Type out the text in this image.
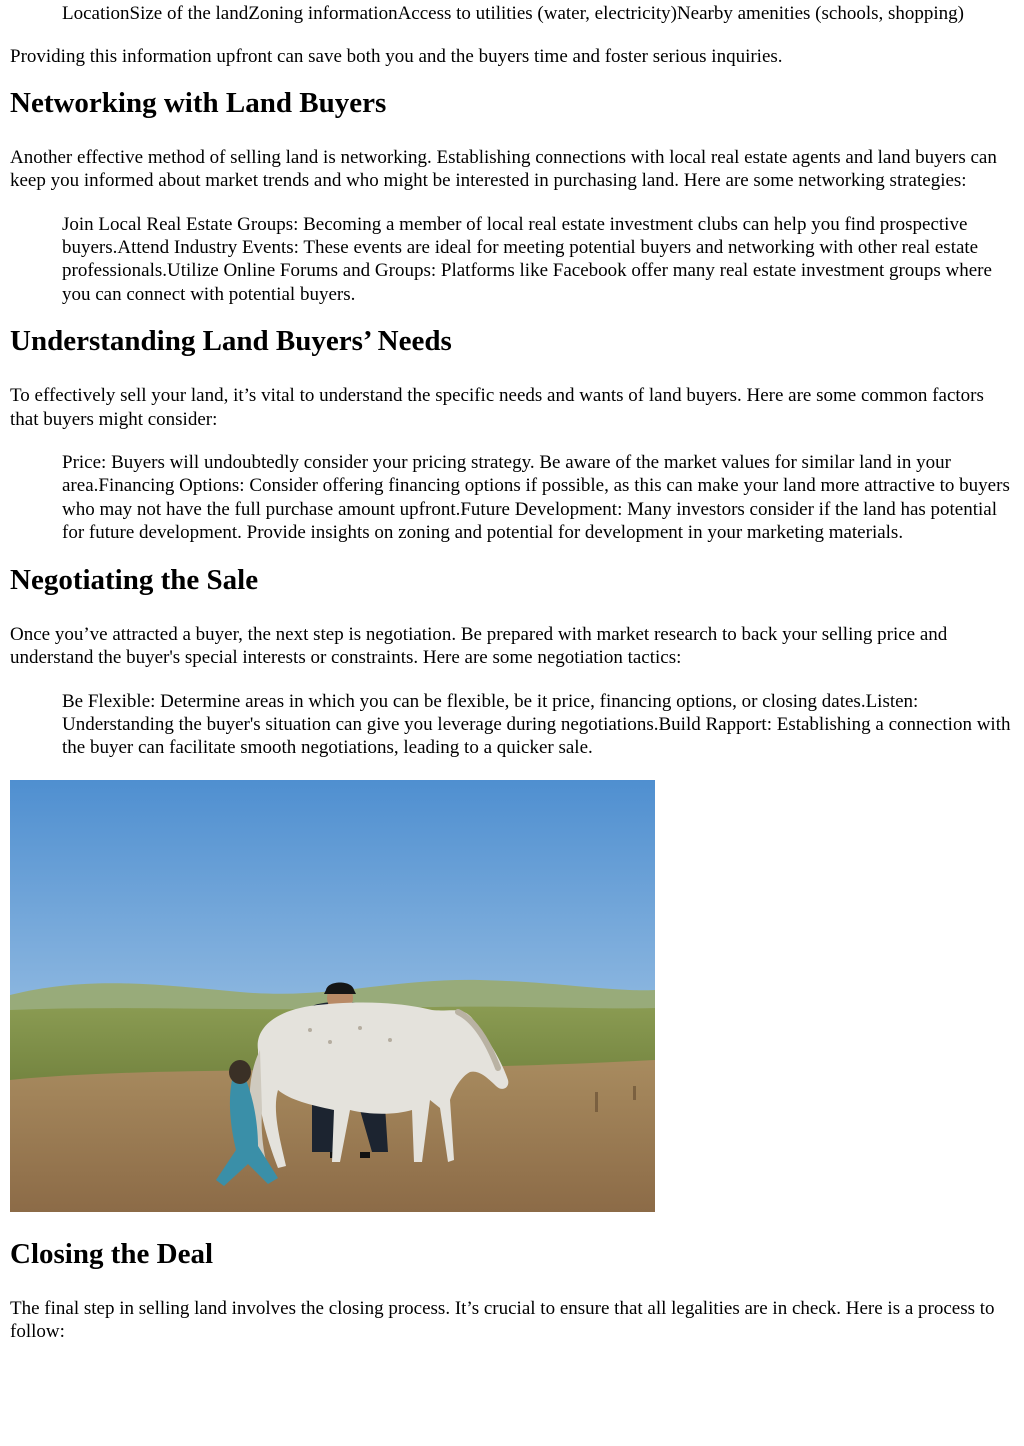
LocationSize of the landZoning informationAccess to utilities (water, electricity)Nearby amenities (schools, shopping)

Providing this information upfront can save both you and the buyers time and foster serious inquiries.

Networking with Land Buyers

Another effective method of selling land is networking. Establishing connections with local real estate agents and land buyers can keep you informed about market trends and who might be interested in purchasing land. Here are some networking strategies:

Join Local Real Estate Groups: Becoming a member of local real estate investment clubs can help you find prospective buyers.Attend Industry Events: These events are ideal for meeting potential buyers and networking with other real estate professionals.Utilize Online Forums and Groups: Platforms like Facebook offer many real estate investment groups where you can connect with potential buyers.

Understanding Land Buyers’ Needs

To effectively sell your land, it’s vital to understand the specific needs and wants of land buyers. Here are some common factors that buyers might consider:

Price: Buyers will undoubtedly consider your pricing strategy. Be aware of the market values for similar land in your area.Financing Options: Consider offering financing options if possible, as this can make your land more attractive to buyers who may not have the full purchase amount upfront.Future Development: Many investors consider if the land has potential for future development. Provide insights on zoning and potential for development in your marketing materials.

Negotiating the Sale

Once you’ve attracted a buyer, the next step is negotiation. Be prepared with market research to back your selling price and understand the buyer's special interests or constraints. Here are some negotiation tactics:

Be Flexible: Determine areas in which you can be flexible, be it price, financing options, or closing dates.Listen: Understanding the buyer's situation can give you leverage during negotiations.Build Rapport: Establishing a connection with the buyer can facilitate smooth negotiations, leading to a quicker sale.

Closing the Deal

The final step in selling land involves the closing process. It’s crucial to ensure that all legalities are in check. Here is a process to follow:
